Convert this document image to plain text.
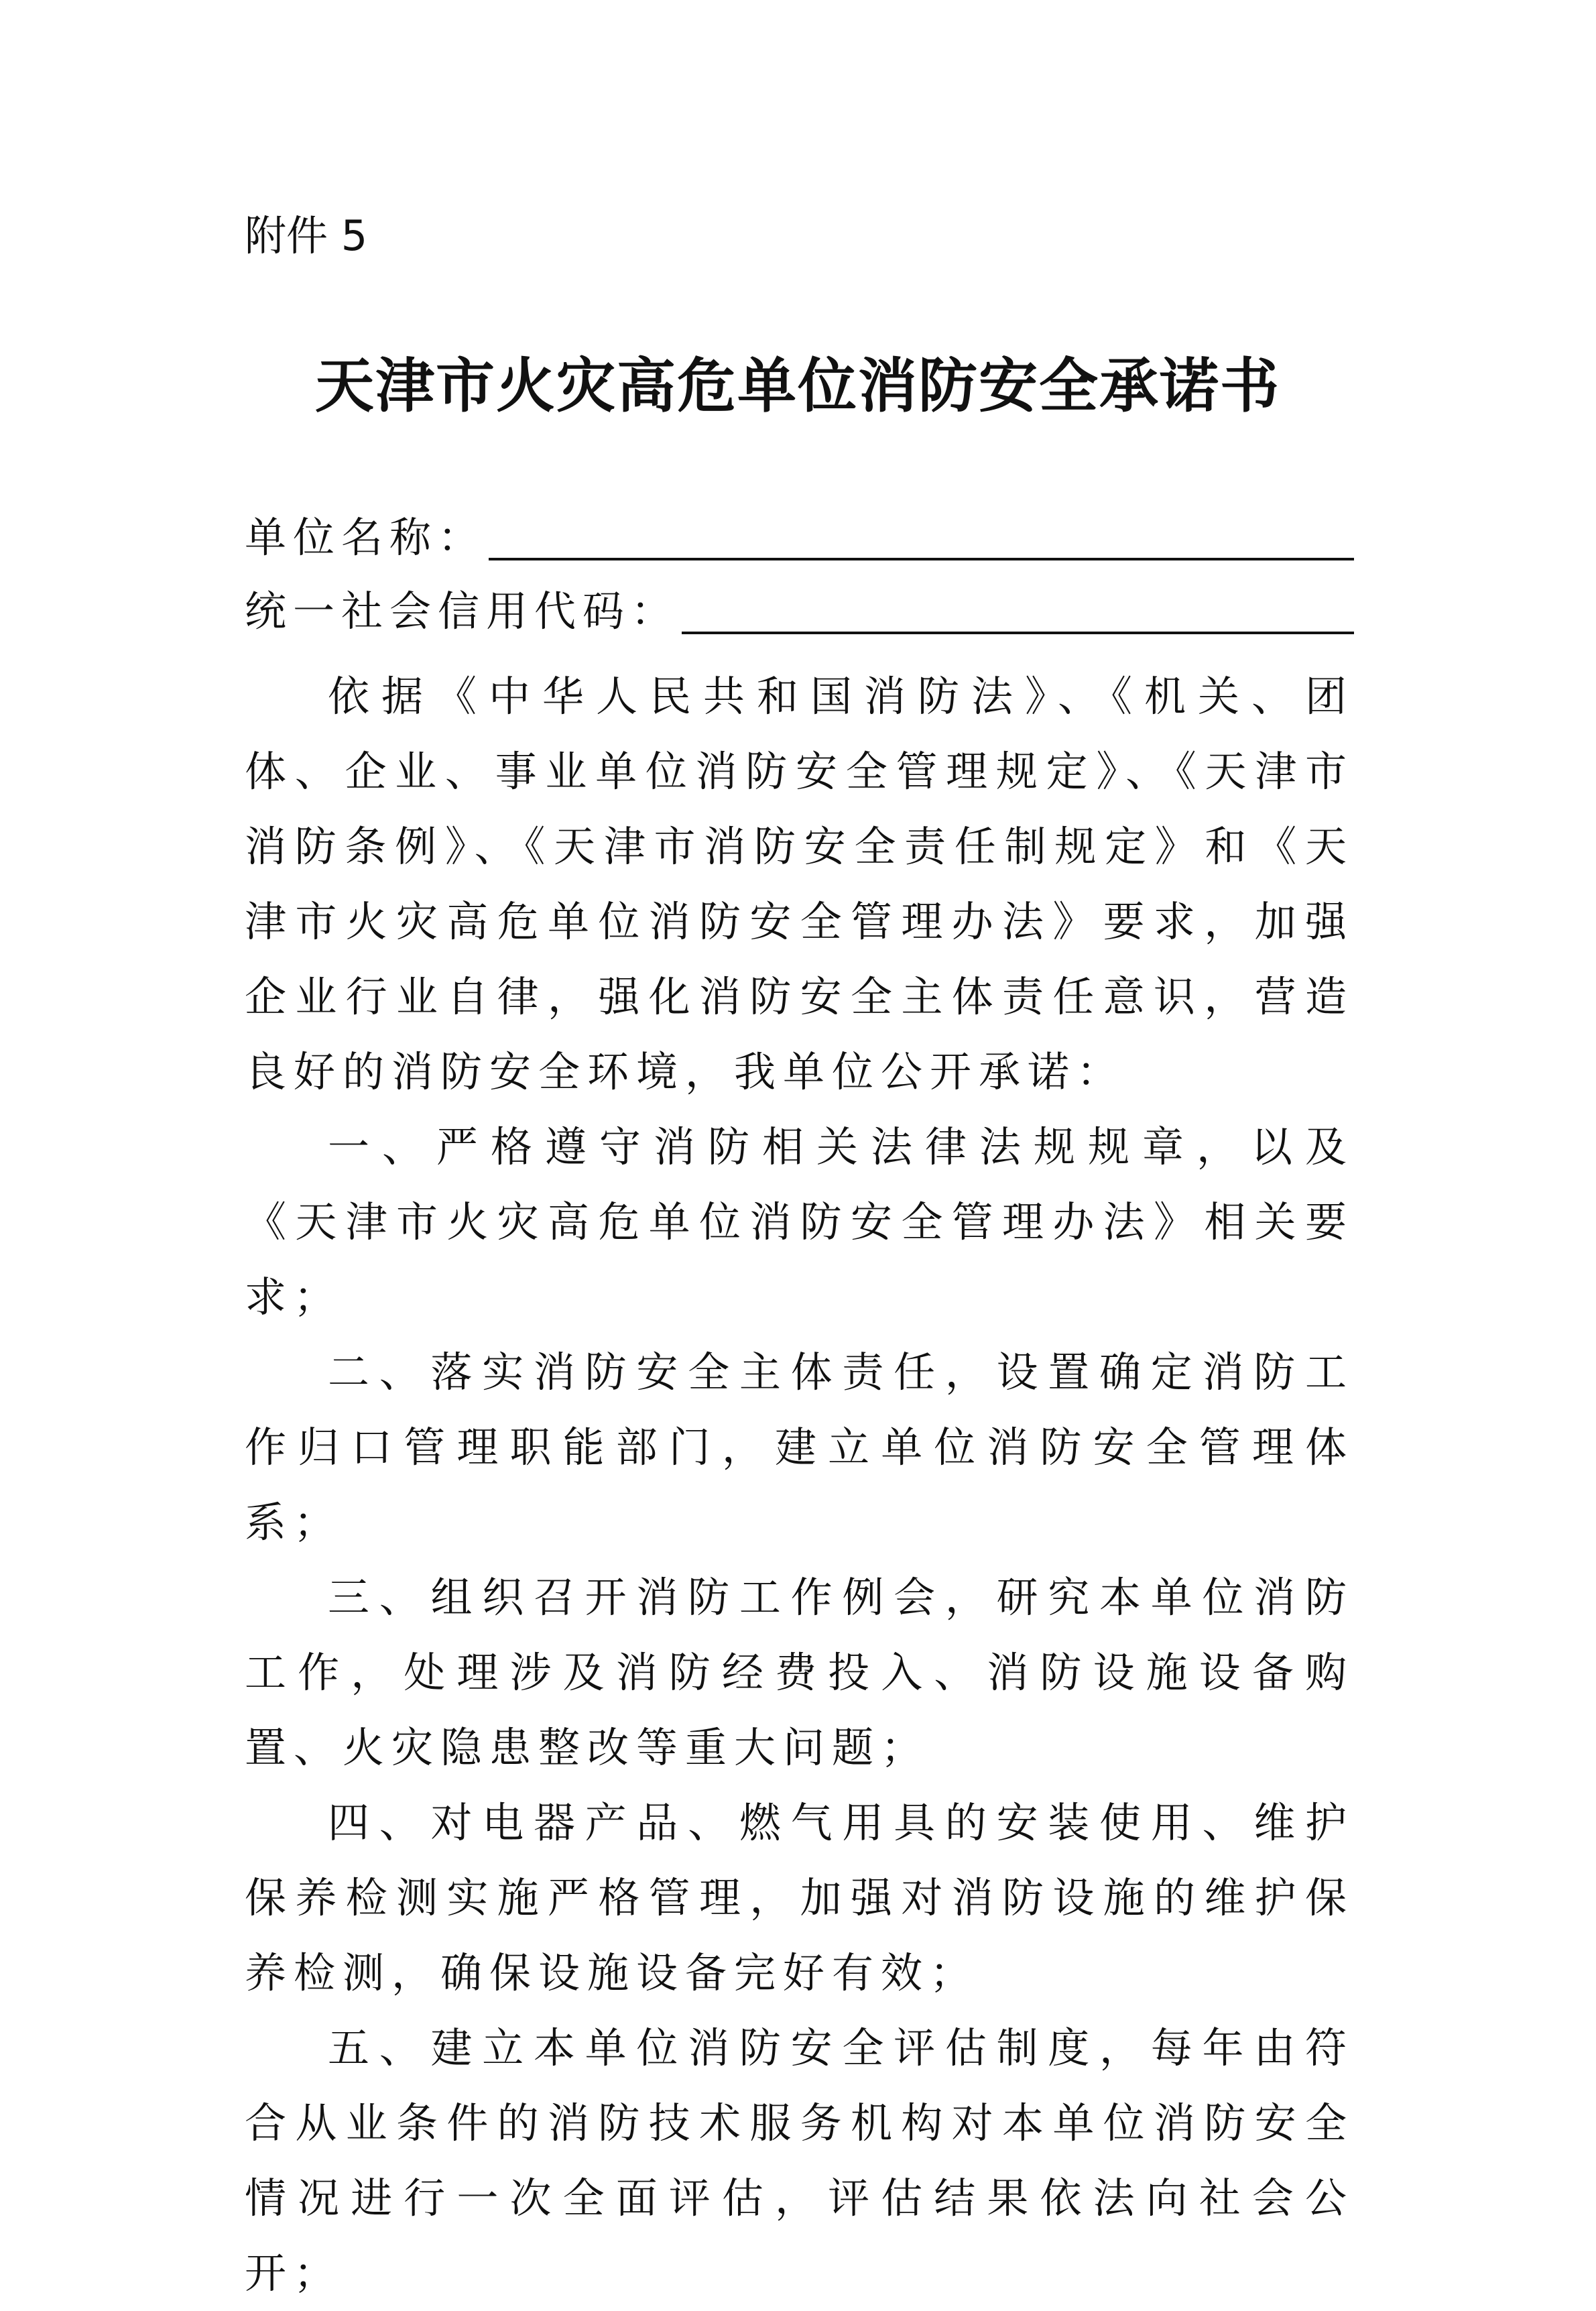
附件 5
天津市火灾高危单位消防安全承诺书
单位名称：
统一社会信用代码：

依据《中华人民共和国消防法》、《机关、团体、企业、事业单位消防安全管理规定》、《天津市消防条例》、《天津市消防安全责任制规定》和《天津市火灾高危单位消防安全管理办法》要求，加强企业行业自律，强化消防安全主体责任意识，营造良好的消防安全环境，我单位公开承诺：

一、严格遵守消防相关法律法规规章，以及《天津市火灾高危单位消防安全管理办法》相关要求；

二、落实消防安全主体责任，设置确定消防工作归口管理职能部门，建立单位消防安全管理体系；

三、组织召开消防工作例会，研究本单位消防工作，处理涉及消防经费投入、消防设施设备购置、火灾隐患整改等重大问题；

四、对电器产品、燃气用具的安装使用、维护保养检测实施严格管理，加强对消防设施的维护保养检测，确保设施设备完好有效；

五、建立本单位消防安全评估制度，每年由符合从业条件的消防技术服务机构对本单位消防安全情况进行一次全面评估，评估结果依法向社会公开；
